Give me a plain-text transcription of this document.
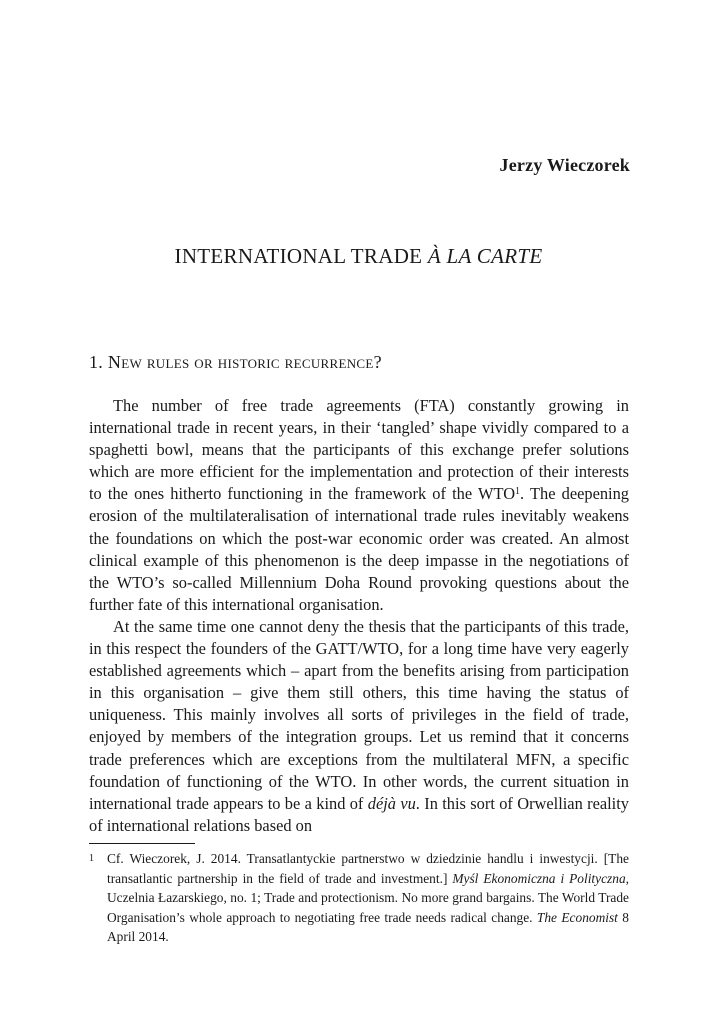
Jerzy Wieczorek
INTERNATIONAL TRADE À LA CARTE
1. New rules or historic recurrence?

The number of free trade agreements (FTA) constantly growing in international trade in recent years, in their ‘tangled’ shape vividly compared to a spaghetti bowl, means that the participants of this exchange prefer solutions which are more efficient for the implementation and protection of their interests to the ones hitherto functioning in the framework of the WTO$^1$. The deepening erosion of the multilateralisation of international trade rules inevitably weakens the foundations on which the post-war economic order was created. An almost clinical example of this phenomenon is the deep impasse in the negotiations of the WTO’s so-called Millennium Doha Round provoking questions about the further fate of this international organisation.

At the same time one cannot deny the thesis that the participants of this trade, in this respect the founders of the GATT/WTO, for a long time have very eagerly established agreements which – apart from the benefits arising from participation in this organisation – give them still others, this time having the status of uniqueness. This mainly involves all sorts of privileges in the field of trade, enjoyed by members of the integration groups. Let us remind that it concerns trade preferences which are exceptions from the multilateral MFN, a specific foundation of functioning of the WTO. In other words, the current situation in international trade appears to be a kind of déjà vu. In this sort of Orwellian reality of international relations based on

1 Cf. Wieczorek, J. 2014. Transatlantyckie partnerstwo w dziedzinie handlu i inwestycji. [The transatlantic partnership in the field of trade and investment.] Myśl Ekonomiczna i Polityczna, Uczelnia Łazarskiego, no. 1; Trade and protectionism. No more grand bargains. The World Trade Organisation’s whole approach to negotiating free trade needs radical change. The Economist 8 April 2014.
